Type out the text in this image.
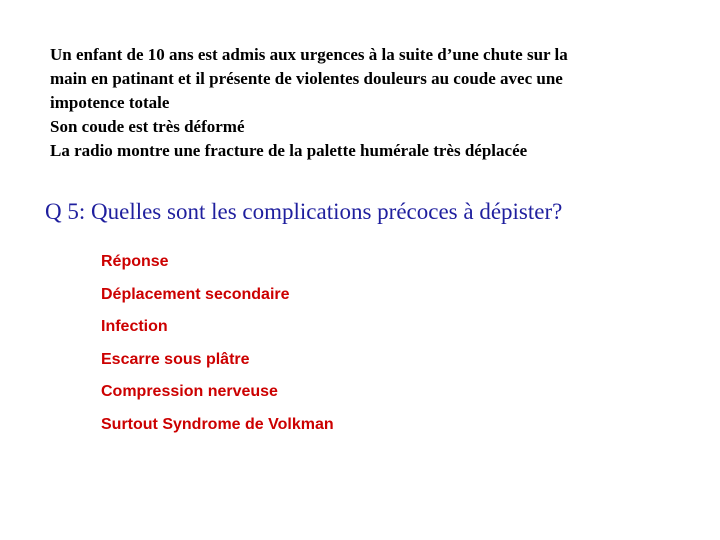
Un enfant de 10 ans est admis aux urgences à la suite d’une chute sur la
main en patinant et il présente de violentes douleurs au coude avec une
impotence totale
Son coude est très déformé
La radio montre une fracture de la palette humérale très déplacée
Q 5: Quelles sont les complications précoces à dépister?
Réponse
Déplacement secondaire
Infection
Escarre sous plâtre
Compression nerveuse
Surtout Syndrome de Volkman
